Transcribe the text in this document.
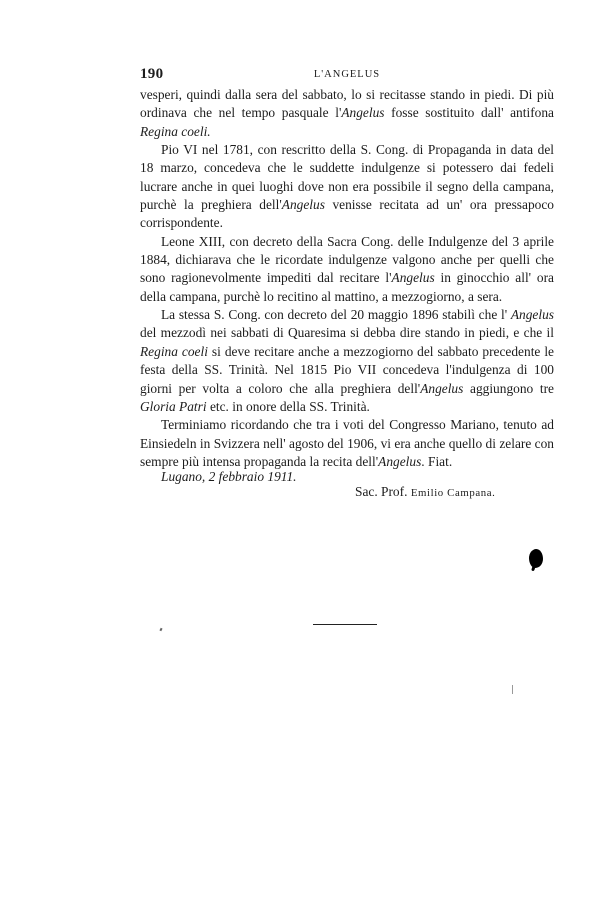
190	L'ANGELUS

vesperi, quindi dalla sera del sabbato, lo si recitasse stando in piedi. Di più ordinava che nel tempo pasquale l'Angelus fosse sostituito dall' antifona Regina coeli.

Pio VI nel 1781, con rescritto della S. Cong. di Propaganda in data del 18 marzo, concedeva che le suddette indulgenze si potessero dai fedeli lucrare anche in quei luoghi dove non era possibile il segno della campana, purchè la preghiera dell'Angelus venisse recitata ad un' ora pressapoco corrispondente.

Leone XIII, con decreto della Sacra Cong. delle Indulgenze del 3 aprile 1884, dichiarava che le ricordate indulgenze valgono anche per quelli che sono ragionevolmente impediti dal recitare l'Angelus in ginocchio all' ora della campana, purchè lo recitino al mattino, a mezzogiorno, a sera.

La stessa S. Cong. con decreto del 20 maggio 1896 stabilì che l' Angelus del mezzodì nei sabbati di Quaresima si debba dire stando in piedi, e che il Regina coeli si deve recitare anche a mezzogiorno del sabbato precedente le festa della SS. Trinità. Nel 1815 Pio VII concedeva l'indulgenza di 100 giorni per volta a coloro che alla preghiera dell'Angelus aggiungono tre Gloria Patri etc. in onore della SS. Trinità.

Terminiamo ricordando che tra i voti del Congresso Mariano, tenuto ad Einsiedeln in Svizzera nell' agosto del 1906, vi era anche quello di zelare con sempre più intensa propaganda la recita dell'Angelus. Fiat.

Lugano, 2 febbraio 1911.
Sac. Prof. Emilio Campana.
